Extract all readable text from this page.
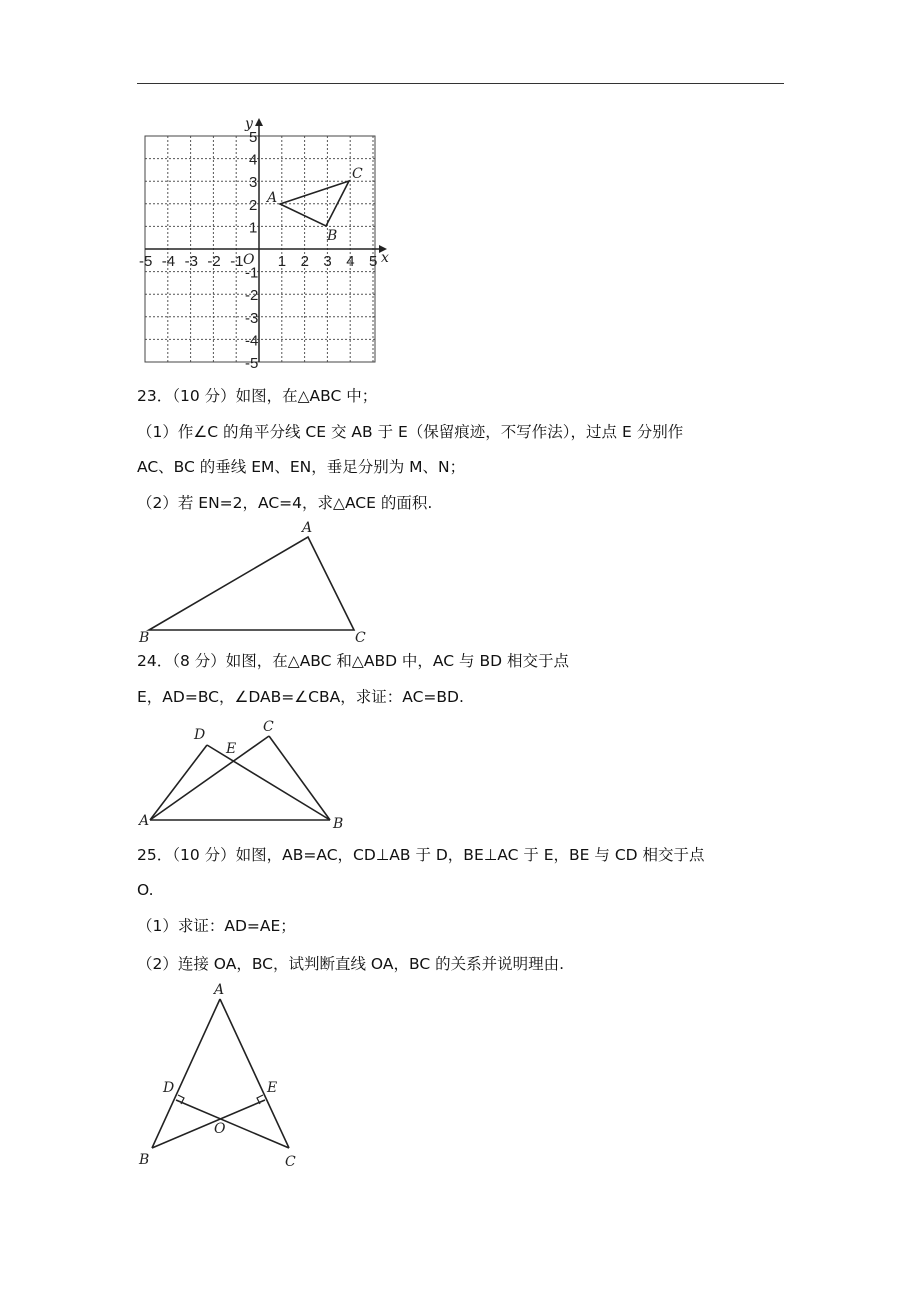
x
y
O
-5 -4 -3 -2 -1 1 2 3 4 5
5
4
3
2
1
-1
-2
-3
-4
-5
A
B
C
23．（10 分）如图，在△ABC 中；
（1）作∠C 的角平分线 CE 交 AB 于 E（保留痕迹，不写作法），过点 E 分别作
AC、BC 的垂线 EM、EN，垂足分别为 M、N；
（2）若 EN=2，AC=4，求△ACE 的面积.
A
B	C
24．（8 分）如图，在△ABC 和△ABD 中，AC 与 BD 相交于点
E，AD=BC，∠DAB=∠CBA，求证：AC=BD.
D
E
C
A	B
25．（10 分）如图，AB=AC，CD⊥AB 于 D，BE⊥AC 于 E，BE 与 CD 相交于点
O.
（1）求证：AD=AE；
（2）连接 OA，BC，试判断直线 OA，BC 的关系并说明理由.
A
D	E
O
B	C
